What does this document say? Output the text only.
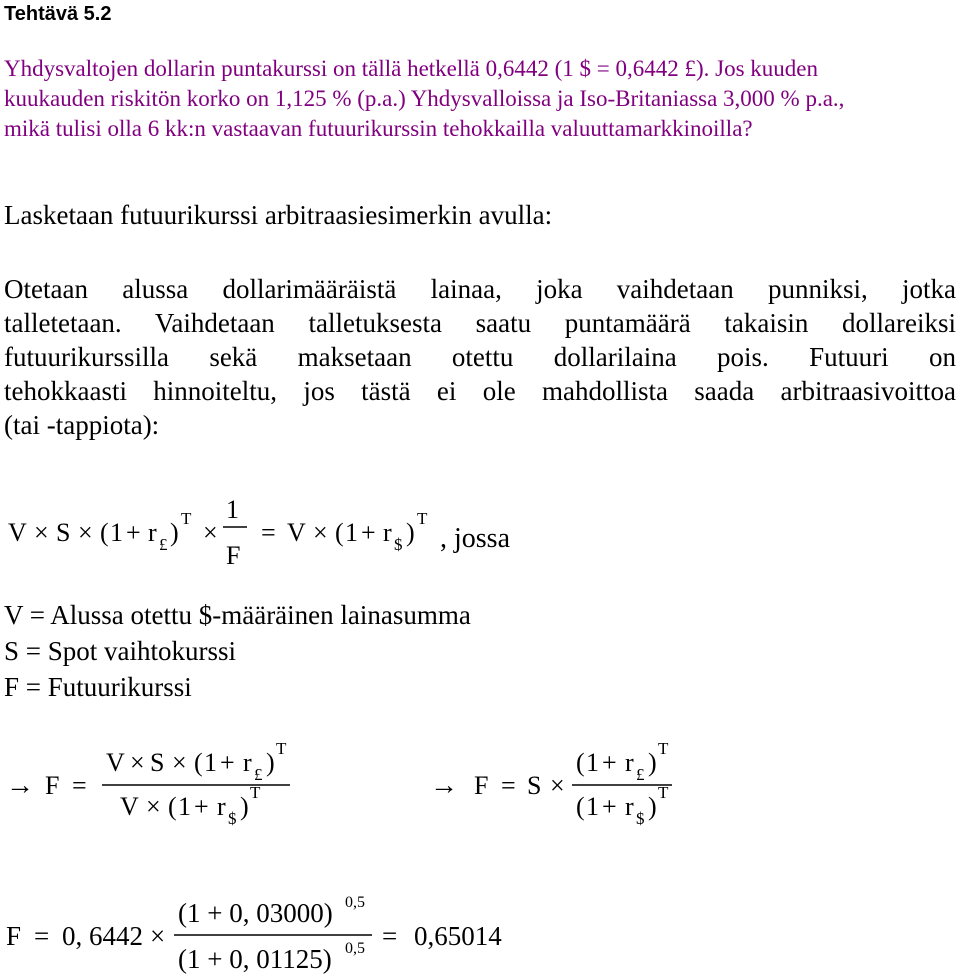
Tehtävä 5.2
Yhdysvaltojen dollarin puntakurssi on tällä hetkellä 0,6442 (1 $ = 0,6442 £). Jos kuuden
kuukauden riskitön korko on 1,125 % (p.a.) Yhdysvalloissa ja Iso-Britaniassa 3,000 % p.a.,
mikä tulisi olla 6 kk:n vastaavan futuurikurssin tehokkailla valuuttamarkkinoilla?
Lasketaan futuurikurssi arbitraasiesimerkin avulla:
Otetaan alussa dollarimääräistä lainaa, joka vaihdetaan punniksi, jotka
talletetaan. Vaihdetaan talletuksesta saatu puntamäärä takaisin dollareiksi
futuurikurssilla sekä maksetaan otettu dollarilaina pois. Futuuri on
tehokkaasti hinnoiteltu, jos tästä ei ole mahdollista saada arbitraasivoittoa
(tai -tappiota):
V = Alussa otettu $-määräinen lainasumma
S = Spot vaihtokurssi
F = Futuurikurssi
V × S × ( 1 + r £ ) T ×
1
F
= V × ( 1 + r $ ) T
, jossa
→ F =
V × S × ( 1 + r £ ) T
V × ( 1 + r $ ) T	→ F = S ×
( 1 + r £ ) T
( 1 + r $ ) T
F = 0, 6442 ×
(1 + 0, 03000) 0,5
(1 + 0, 01125) 0,5 = 0,65014
